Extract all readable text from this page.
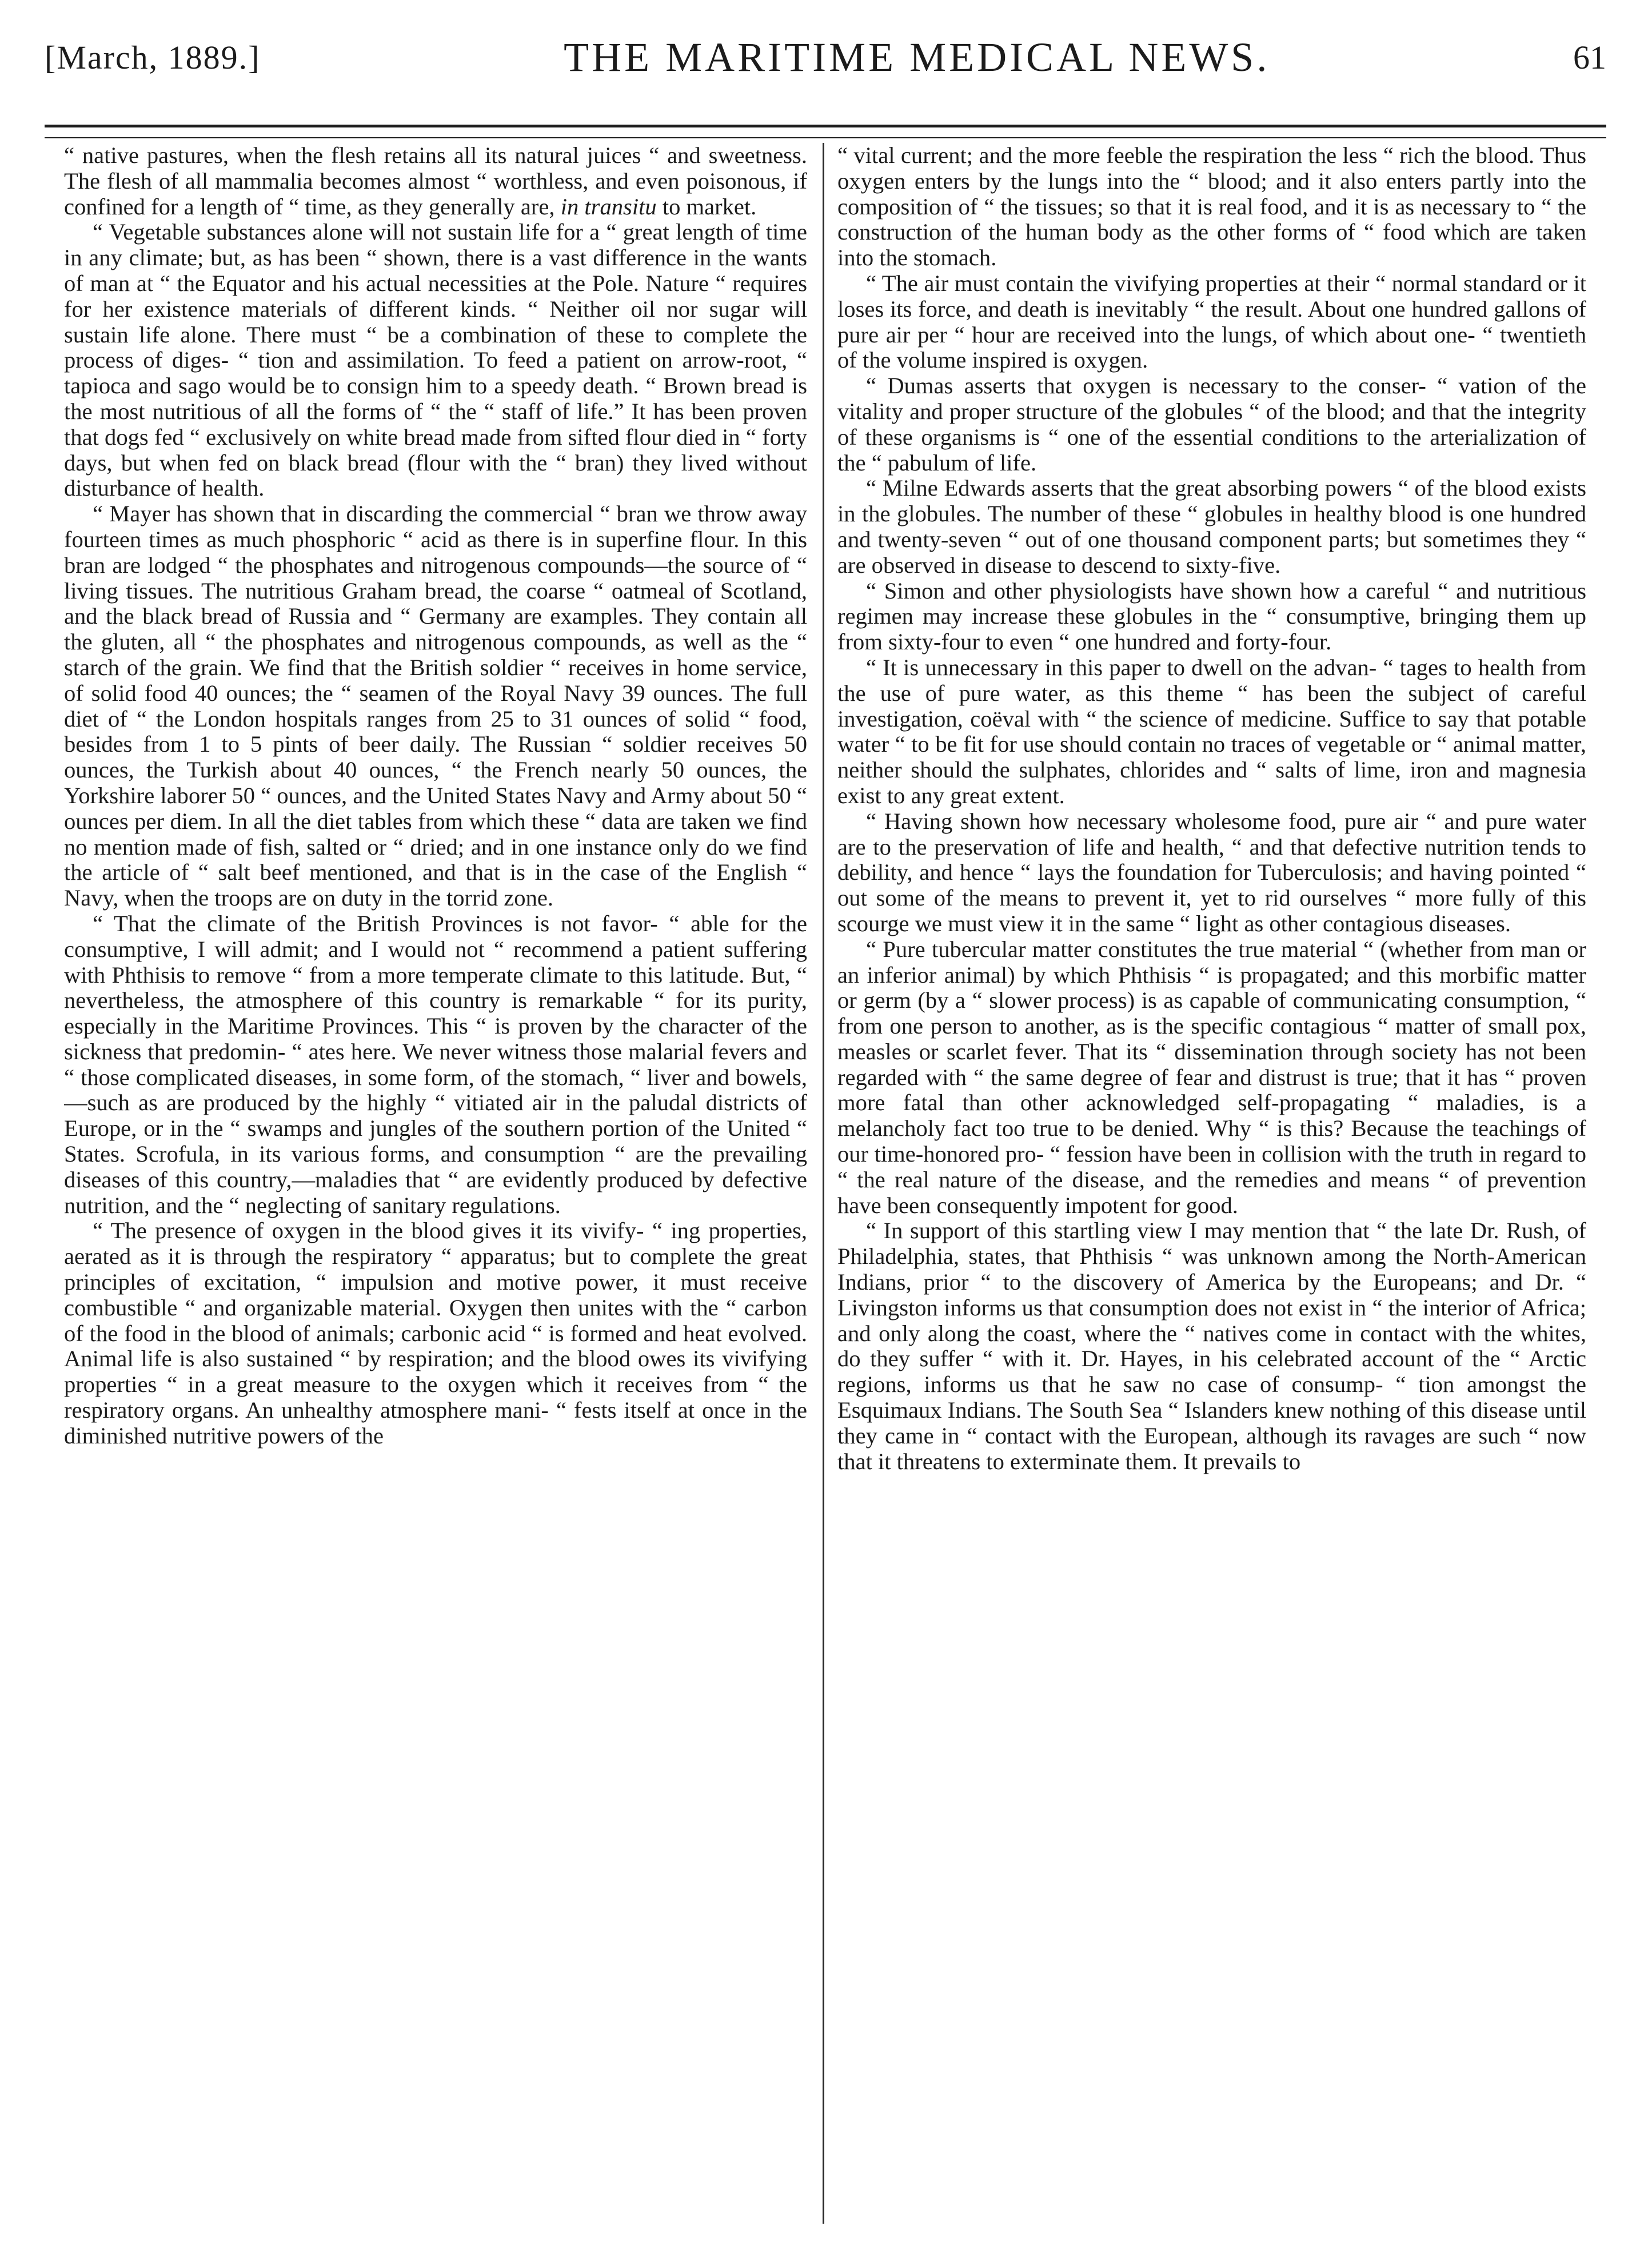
[March, 1889.]	THE MARITIME MEDICAL NEWS.	61

“ native pastures, when the flesh retains all its natural juices “ and sweetness. The flesh of all mammalia becomes almost “ worthless, and even poisonous, if confined for a length of “ time, as they generally are, in transitu to market.

“ Vegetable substances alone will not sustain life for a “ great length of time in any climate; but, as has been “ shown, there is a vast difference in the wants of man at “ the Equator and his actual necessities at the Pole. Nature “ requires for her existence materials of different kinds. “ Neither oil nor sugar will sustain life alone. There must “ be a combination of these to complete the process of diges- “ tion and assimilation. To feed a patient on arrow-root, “ tapioca and sago would be to consign him to a speedy death. “ Brown bread is the most nutritious of all the forms of “ the “ staff of life.” It has been proven that dogs fed “ exclusively on white bread made from sifted flour died in “ forty days, but when fed on black bread (flour with the “ bran) they lived without disturbance of health.

“ Mayer has shown that in discarding the commercial “ bran we throw away fourteen times as much phosphoric “ acid as there is in superfine flour. In this bran are lodged “ the phosphates and nitrogenous compounds—the source of “ living tissues. The nutritious Graham bread, the coarse “ oatmeal of Scotland, and the black bread of Russia and “ Germany are examples. They contain all the gluten, all “ the phosphates and nitrogenous compounds, as well as the “ starch of the grain. We find that the British soldier “ receives in home service, of solid food 40 ounces; the “ seamen of the Royal Navy 39 ounces. The full diet of “ the London hospitals ranges from 25 to 31 ounces of solid “ food, besides from 1 to 5 pints of beer daily. The Russian “ soldier receives 50 ounces, the Turkish about 40 ounces, “ the French nearly 50 ounces, the Yorkshire laborer 50 “ ounces, and the United States Navy and Army about 50 “ ounces per diem. In all the diet tables from which these “ data are taken we find no mention made of fish, salted or “ dried; and in one instance only do we find the article of “ salt beef mentioned, and that is in the case of the English “ Navy, when the troops are on duty in the torrid zone.

“ That the climate of the British Provinces is not favor- “ able for the consumptive, I will admit; and I would not “ recommend a patient suffering with Phthisis to remove “ from a more temperate climate to this latitude. But, “ nevertheless, the atmosphere of this country is remarkable “ for its purity, especially in the Maritime Provinces. This “ is proven by the character of the sickness that predomin- “ ates here. We never witness those malarial fevers and “ those complicated diseases, in some form, of the stomach, “ liver and bowels,—such as are produced by the highly “ vitiated air in the paludal districts of Europe, or in the “ swamps and jungles of the southern portion of the United “ States. Scrofula, in its various forms, and consumption “ are the prevailing diseases of this country,—maladies that “ are evidently produced by defective nutrition, and the “ neglecting of sanitary regulations.

“ The presence of oxygen in the blood gives it its vivify- “ ing properties, aerated as it is through the respiratory “ apparatus; but to complete the great principles of excitation, “ impulsion and motive power, it must receive combustible “ and organizable material. Oxygen then unites with the “ carbon of the food in the blood of animals; carbonic acid “ is formed and heat evolved. Animal life is also sustained “ by respiration; and the blood owes its vivifying properties “ in a great measure to the oxygen which it receives from “ the respiratory organs. An unhealthy atmosphere mani- “ fests itself at once in the diminished nutritive powers of the

“ vital current; and the more feeble the respiration the less “ rich the blood. Thus oxygen enters by the lungs into the “ blood; and it also enters partly into the composition of “ the tissues; so that it is real food, and it is as necessary to “ the construction of the human body as the other forms of “ food which are taken into the stomach.

“ The air must contain the vivifying properties at their “ normal standard or it loses its force, and death is inevitably “ the result. About one hundred gallons of pure air per “ hour are received into the lungs, of which about one- “ twentieth of the volume inspired is oxygen.

“ Dumas asserts that oxygen is necessary to the conser- “ vation of the vitality and proper structure of the globules “ of the blood; and that the integrity of these organisms is “ one of the essential conditions to the arterialization of the “ pabulum of life.

“ Milne Edwards asserts that the great absorbing powers “ of the blood exists in the globules. The number of these “ globules in healthy blood is one hundred and twenty-seven “ out of one thousand component parts; but sometimes they “ are observed in disease to descend to sixty-five.

“ Simon and other physiologists have shown how a careful “ and nutritious regimen may increase these globules in the “ consumptive, bringing them up from sixty-four to even “ one hundred and forty-four.

“ It is unnecessary in this paper to dwell on the advan- “ tages to health from the use of pure water, as this theme “ has been the subject of careful investigation, coëval with “ the science of medicine. Suffice to say that potable water “ to be fit for use should contain no traces of vegetable or “ animal matter, neither should the sulphates, chlorides and “ salts of lime, iron and magnesia exist to any great extent.

“ Having shown how necessary wholesome food, pure air “ and pure water are to the preservation of life and health, “ and that defective nutrition tends to debility, and hence “ lays the foundation for Tuberculosis; and having pointed “ out some of the means to prevent it, yet to rid ourselves “ more fully of this scourge we must view it in the same “ light as other contagious diseases.

“ Pure tubercular matter constitutes the true material “ (whether from man or an inferior animal) by which Phthisis “ is propagated; and this morbific matter or germ (by a “ slower process) is as capable of communicating consumption, “ from one person to another, as is the specific contagious “ matter of small pox, measles or scarlet fever. That its “ dissemination through society has not been regarded with “ the same degree of fear and distrust is true; that it has “ proven more fatal than other acknowledged self-propagating “ maladies, is a melancholy fact too true to be denied. Why “ is this? Because the teachings of our time-honored pro- “ fession have been in collision with the truth in regard to “ the real nature of the disease, and the remedies and means “ of prevention have been consequently impotent for good.

“ In support of this startling view I may mention that “ the late Dr. Rush, of Philadelphia, states, that Phthisis “ was unknown among the North-American Indians, prior “ to the discovery of America by the Europeans; and Dr. “ Livingston informs us that consumption does not exist in “ the interior of Africa; and only along the coast, where the “ natives come in contact with the whites, do they suffer “ with it. Dr. Hayes, in his celebrated account of the “ Arctic regions, informs us that he saw no case of consump- “ tion amongst the Esquimaux Indians. The South Sea “ Islanders knew nothing of this disease until they came in “ contact with the European, although its ravages are such “ now that it threatens to exterminate them. It prevails to
